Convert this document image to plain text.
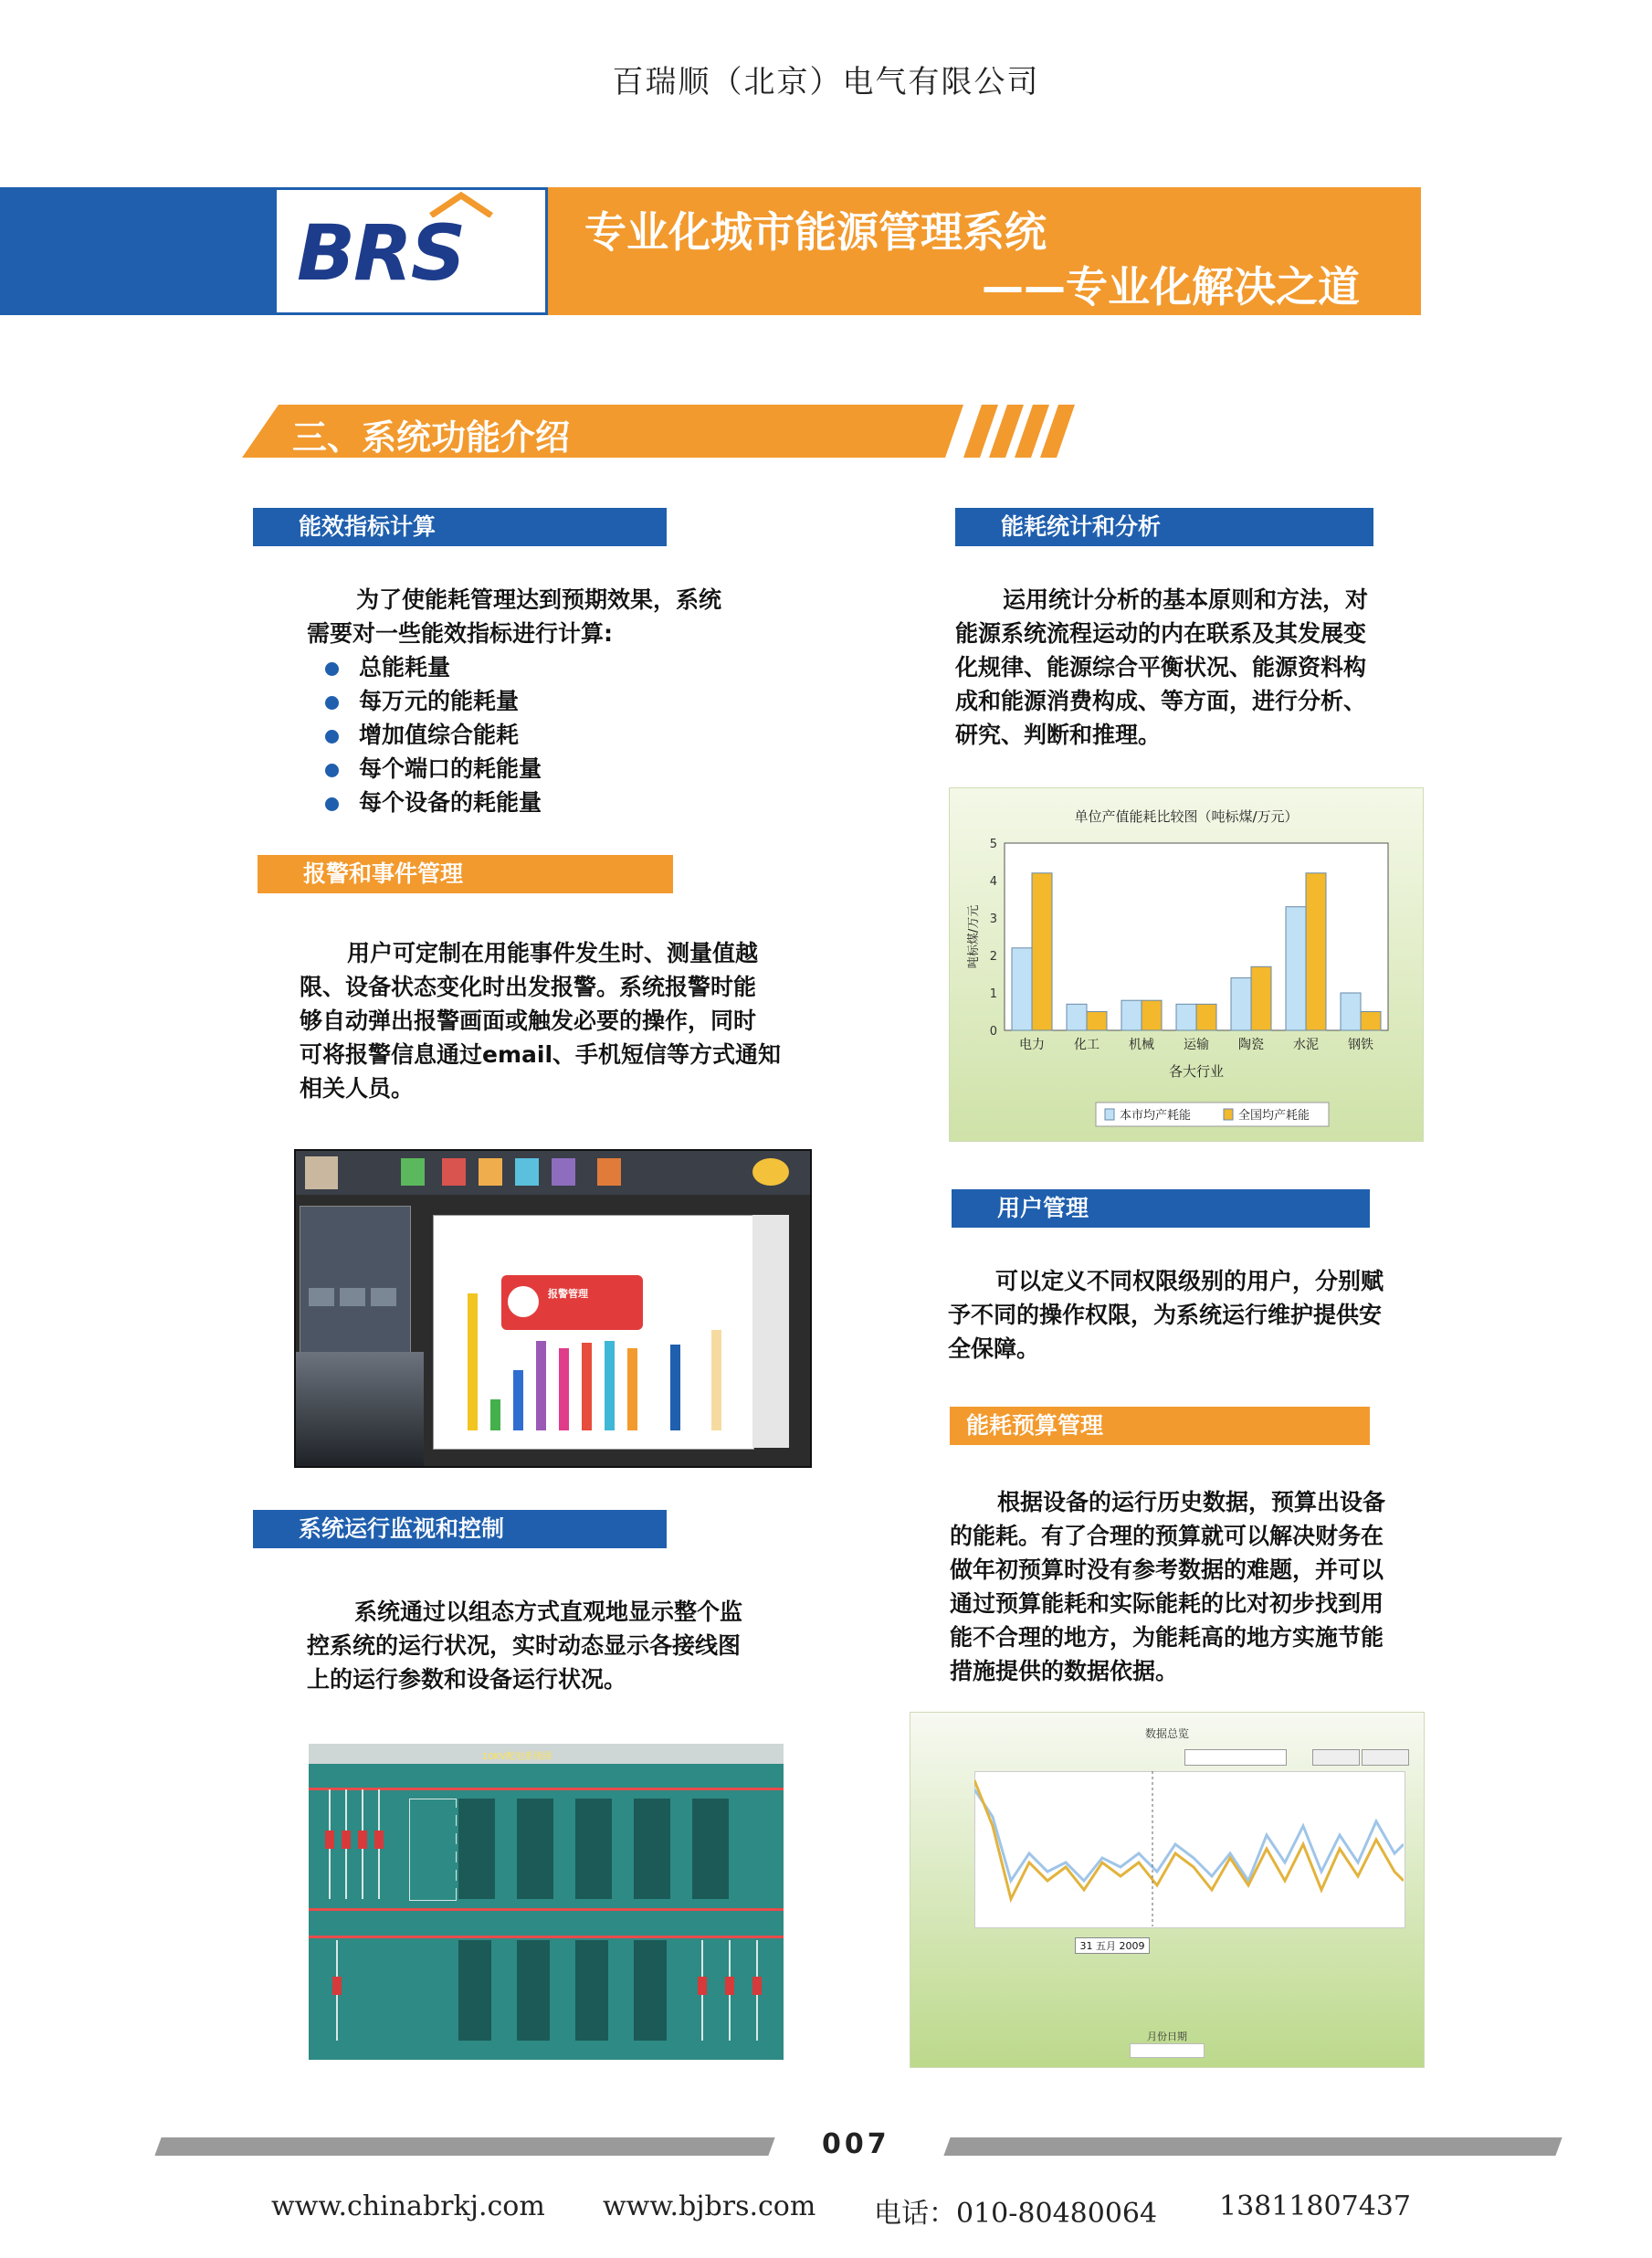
百瑞顺（北京）电气有限公司
BRS	专业化城市能源管理系统
——专业化解决之道
三、系统功能介绍
能效指标计算
为了使能耗管理达到预期效果，系统
需要对一些能效指标进行计算:
总能耗量
每万元的能耗量
增加值综合能耗
每个端口的耗能量
每个设备的耗能量
报警和事件管理
用户可定制在用能事件发生时、测量值越
限、设备状态变化时出发报警。系统报警时能
够自动弹出报警画面或触发必要的操作，同时
可将报警信息通过email、手机短信等方式通知
相关人员。
报警管理
系统运行监视和控制
系统通过以组态方式直观地显示整个监
控系统的运行状况，实时动态显示各接线图
上的运行参数和设备运行状况。
10KV配电系统图
能耗统计和分析
运用统计分析的基本原则和方法，对
能源系统流程运动的内在联系及其发展变
化规律、能源综合平衡状况、能源资料构
成和能源消费构成、等方面，进行分析、
研究、判断和推理。
单位产值能耗比较图（吨标煤/万元）
0
1
2
3
4
5
吨标煤/万元
电力 化工 机械 运输 陶瓷 水泥 钢铁
各大行业
本市均产耗能	全国均产耗能
用户管理
可以定义不同权限级别的用户，分别赋
予不同的操作权限，为系统运行维护提供安
全保障。
能耗预算管理
根据设备的运行历史数据，预算出设备
的能耗。有了合理的预算就可以解决财务在
做年初预算时没有参考数据的难题，并可以
通过预算能耗和实际能耗的比对初步找到用
能不合理的地方，为能耗高的地方实施节能
措施提供的数据依据。
数据总览
31 五月 2009
月份日期
007
www.chinabrkj.com www.bjbrs.com 电话：010-80480064 13811807437
